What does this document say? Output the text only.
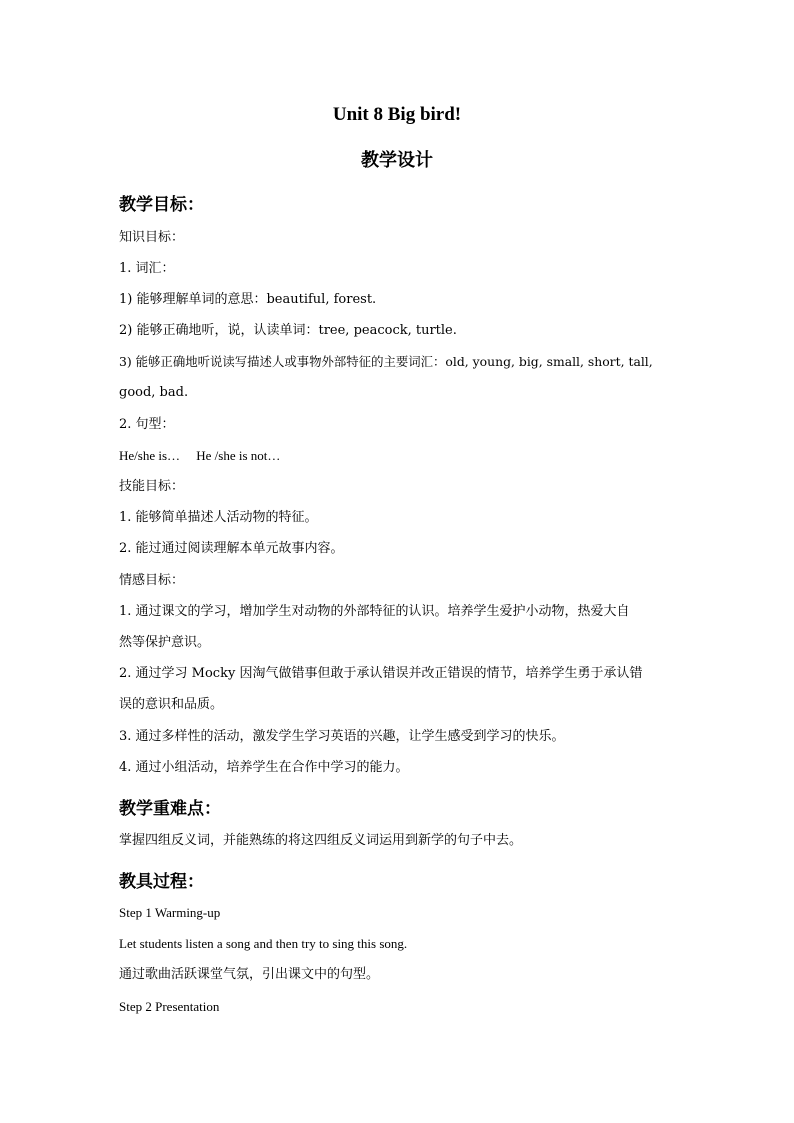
Unit 8 Big bird!
教学设计
教学目标：
知识目标：
1. 词汇：
1) 能够理解单词的意思：beautiful, forest.
2) 能够正确地听，说，认读单词：tree, peacock, turtle.
3) 能够正确地听说读写描述人或事物外部特征的主要词汇：old, young, big, small, short, tall,
good, bad.
2. 句型：
He/she is…     He /she is not…
技能目标：
1. 能够简单描述人活动物的特征。
2. 能过通过阅读理解本单元故事内容。
情感目标：
1. 通过课文的学习，增加学生对动物的外部特征的认识。培养学生爱护小动物，热爱大自
然等保护意识。
2. 通过学习 Mocky 因淘气做错事但敢于承认错误并改正错误的情节，培养学生勇于承认错
误的意识和品质。
3. 通过多样性的活动，激发学生学习英语的兴趣，让学生感受到学习的快乐。
4. 通过小组活动，培养学生在合作中学习的能力。
教学重难点：
掌握四组反义词，并能熟练的将这四组反义词运用到新学的句子中去。
教具过程：
Step 1 Warming-up
Let students listen a song and then try to sing this song.
通过歌曲活跃课堂气氛，引出课文中的句型。
Step 2 Presentation
